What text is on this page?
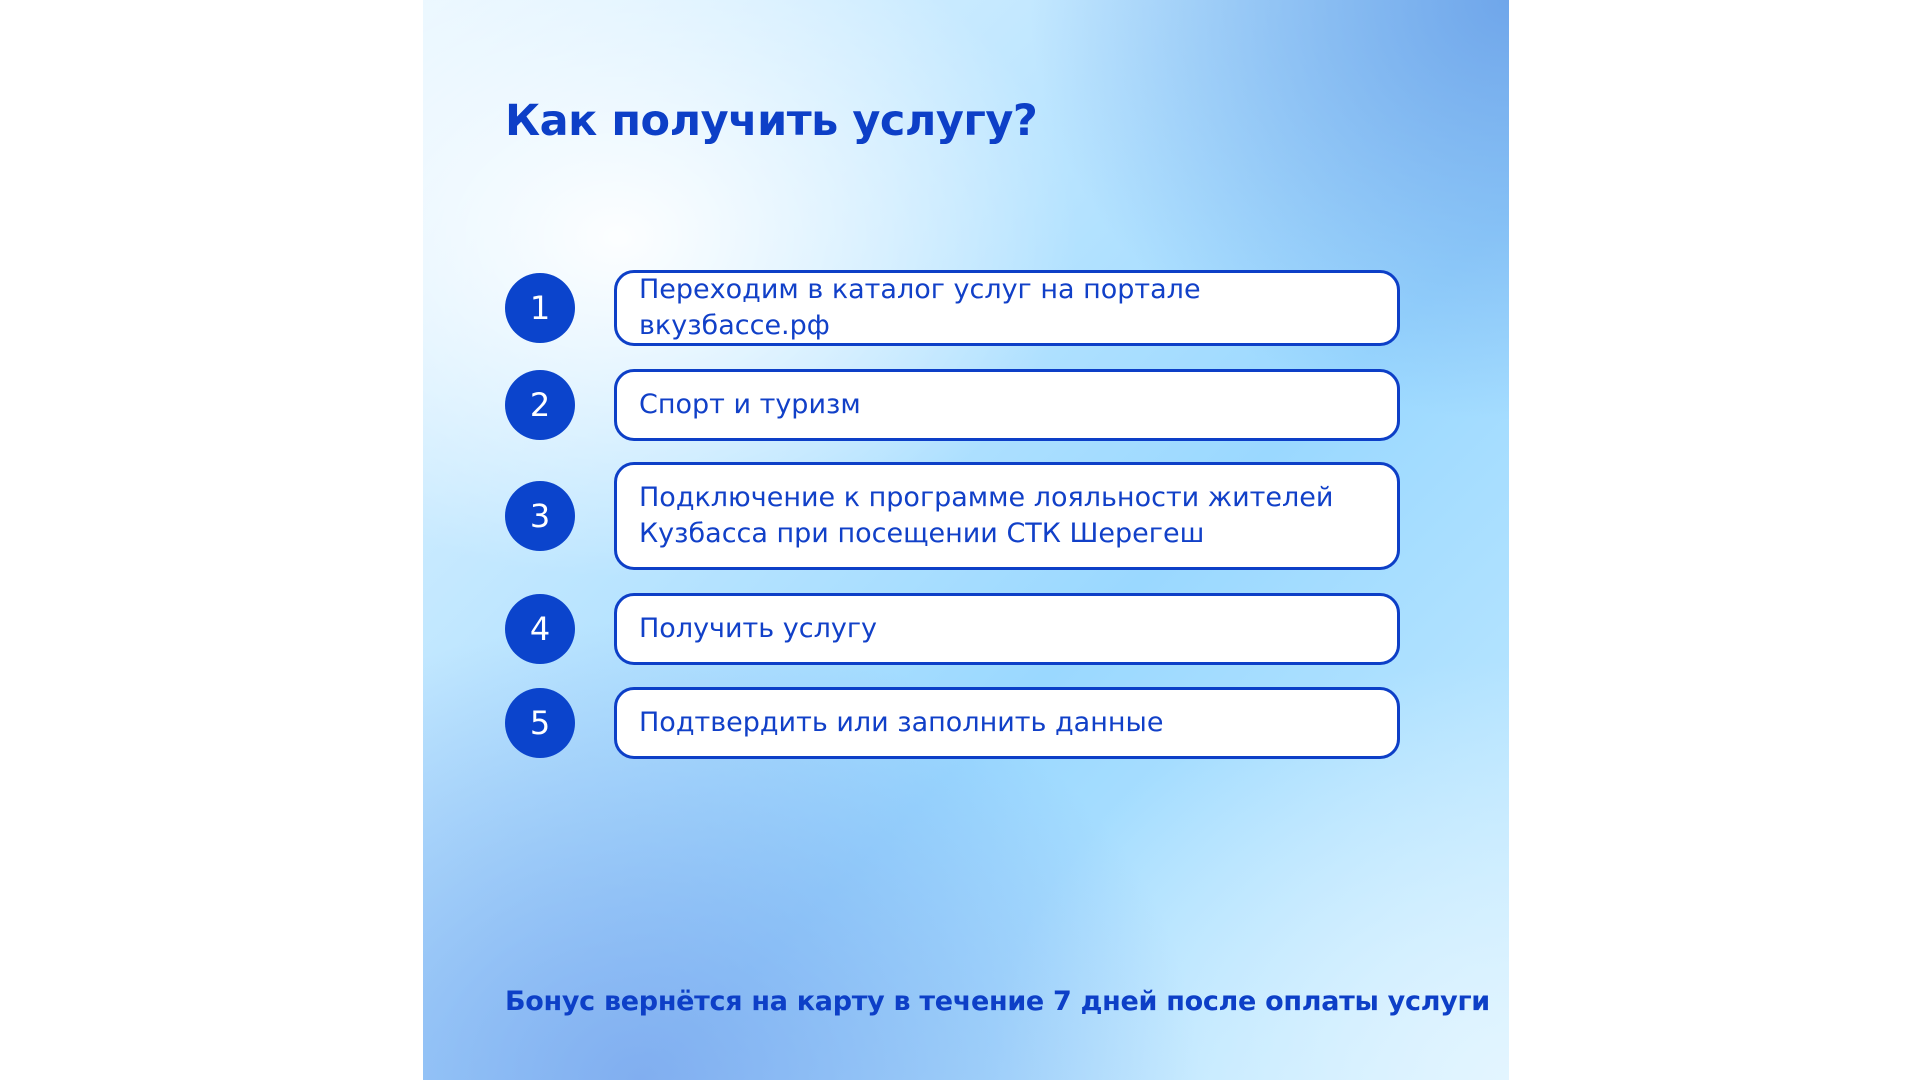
Как получить услугу?
1	Переходим в каталог услуг на портале вкузбассе.рф
2	Спорт и туризм
3	Подключение к программе лояльности жителей Кузбасса при посещении СТК Шерегеш
4	Получить услугу
5	Подтвердить или заполнить данные
Бонус вернётся на карту в течение 7 дней после оплаты услуги
